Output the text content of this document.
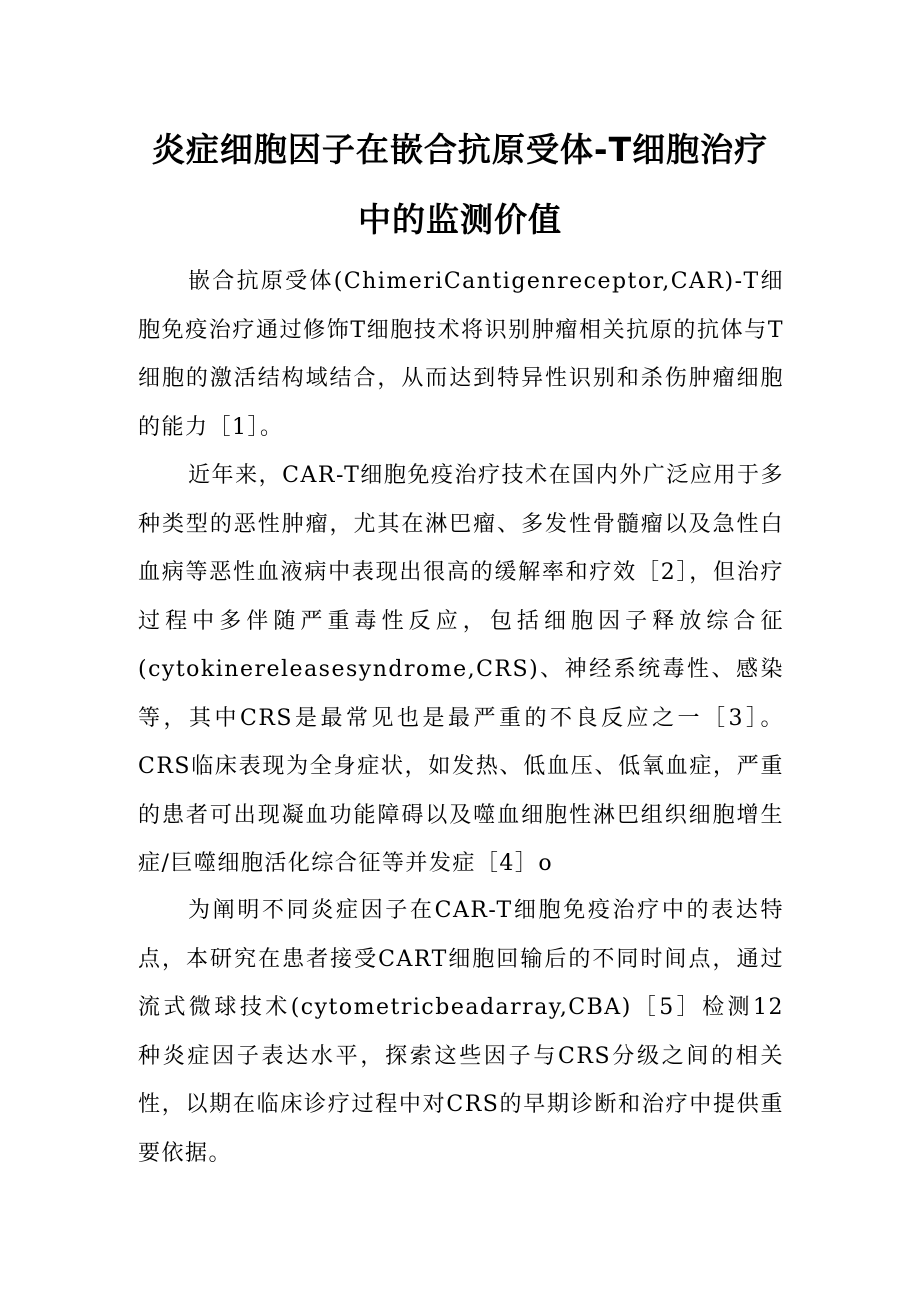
炎症细胞因子在嵌合抗原受体-T细胞治疗
中的监测价值

嵌合抗原受体(ChimeriCantigenreceptor,CAR)-T细胞免疫治疗通过修饰T细胞技术将识别肿瘤相关抗原的抗体与T细胞的激活结构域结合，从而达到特异性识别和杀伤肿瘤细胞的能力［1］。

近年来，CAR-T细胞免疫治疗技术在国内外广泛应用于多种类型的恶性肿瘤，尤其在淋巴瘤、多发性骨髓瘤以及急性白血病等恶性血液病中表现出很高的缓解率和疗效［2］，但治疗过程中多伴随严重毒性反应，包括细胞因子释放综合征(cytokinereleasesyndrome,CRS)、神经系统毒性、感染等，其中CRS是最常见也是最严重的不良反应之一［3］。CRS临床表现为全身症状，如发热、低血压、低氧血症，严重的患者可出现凝血功能障碍以及噬血细胞性淋巴组织细胞增生症/巨噬细胞活化综合征等并发症［4］o

为阐明不同炎症因子在CAR-T细胞免疫治疗中的表达特点，本研究在患者接受CART细胞回输后的不同时间点，通过流式微球技术(cytometricbeadarray,CBA)［5］检测12种炎症因子表达水平，探索这些因子与CRS分级之间的相关性，以期在临床诊疗过程中对CRS的早期诊断和治疗中提供重要依据。
